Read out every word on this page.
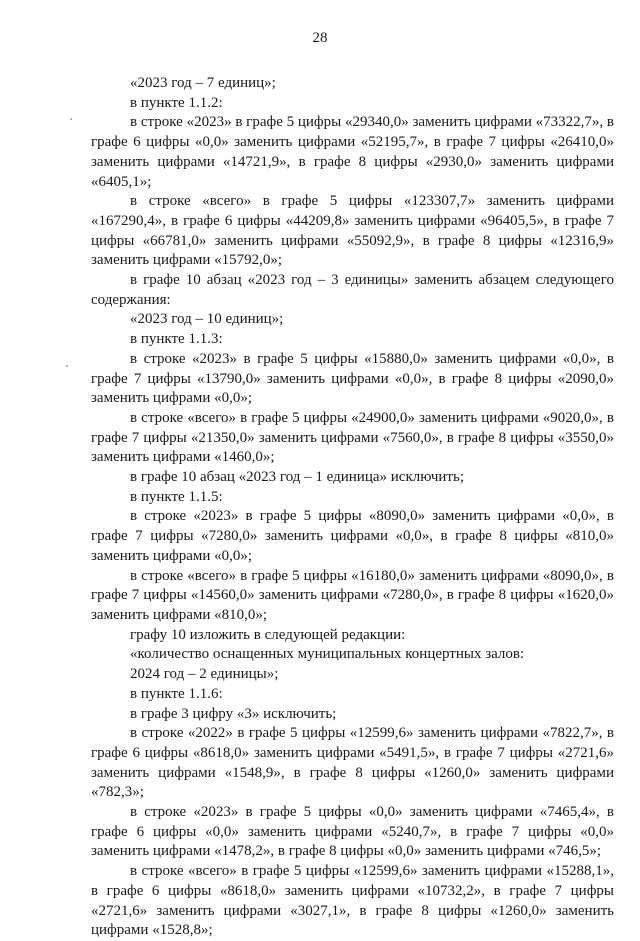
28

«2023 год – 7 единиц»;

в пункте 1.1.2:

в строке «2023» в графе 5 цифры «29340,0» заменить цифрами «73322,7», в графе 6 цифры «0,0» заменить цифрами «52195,7», в графе 7 цифры «26410,0» заменить цифрами «14721,9», в графе 8 цифры «2930,0» заменить цифрами «6405,1»;

в строке «всего» в графе 5 цифры «123307,7» заменить цифрами «167290,4», в графе 6 цифры «44209,8» заменить цифрами «96405,5», в графе 7 цифры «66781,0» заменить цифрами «55092,9», в графе 8 цифры «12316,9» заменить цифрами «15792,0»;

в графе 10 абзац «2023 год – 3 единицы» заменить абзацем следующего содержания:

«2023 год – 10 единиц»;

в пункте 1.1.3:

в строке «2023» в графе 5 цифры «15880,0» заменить цифрами «0,0», в графе 7 цифры «13790,0» заменить цифрами «0,0», в графе 8 цифры «2090,0» заменить цифрами «0,0»;

в строке «всего» в графе 5 цифры «24900,0» заменить цифрами «9020,0», в графе 7 цифры «21350,0» заменить цифрами «7560,0», в графе 8 цифры «3550,0» заменить цифрами «1460,0»;

в графе 10 абзац «2023 год – 1 единица» исключить;

в пункте 1.1.5:

в строке «2023» в графе 5 цифры «8090,0» заменить цифрами «0,0», в графе 7 цифры «7280,0» заменить цифрами «0,0», в графе 8 цифры «810,0» заменить цифрами «0,0»;

в строке «всего» в графе 5 цифры «16180,0» заменить цифрами «8090,0», в графе 7 цифры «14560,0» заменить цифрами «7280,0», в графе 8 цифры «1620,0» заменить цифрами «810,0»;

графу 10 изложить в следующей редакции:

«количество оснащенных муниципальных концертных залов:

2024 год – 2 единицы»;

в пункте 1.1.6:

в графе 3 цифру «3» исключить;

в строке «2022» в графе 5 цифры «12599,6» заменить цифрами «7822,7», в графе 6 цифры «8618,0» заменить цифрами «5491,5», в графе 7 цифры «2721,6» заменить цифрами «1548,9», в графе 8 цифры «1260,0» заменить цифрами «782,3»;

в строке «2023» в графе 5 цифры «0,0» заменить цифрами «7465,4», в графе 6 цифры «0,0» заменить цифрами «5240,7», в графе 7 цифры «0,0» заменить цифрами «1478,2», в графе 8 цифры «0,0» заменить цифрами «746,5»;

в строке «всего» в графе 5 цифры «12599,6» заменить цифрами «15288,1», в графе 6 цифры «8618,0» заменить цифрами «10732,2», в графе 7 цифры «2721,6» заменить цифрами «3027,1», в графе 8 цифры «1260,0» заменить цифрами «1528,8»;
